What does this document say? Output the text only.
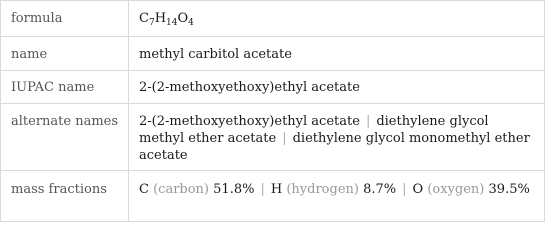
formula	$C_7H_{14}O_4$
name	methyl carbitol acetate
IUPAC name	2-(2-methoxyethoxy)ethyl acetate
alternate names	2-(2-methoxyethoxy)ethyl acetate | diethylene glycol methyl ether acetate | diethylene glycol monomethyl ether acetate
mass fractions	C (carbon) 51.8% | H (hydrogen) 8.7% | O (oxygen) 39.5%
